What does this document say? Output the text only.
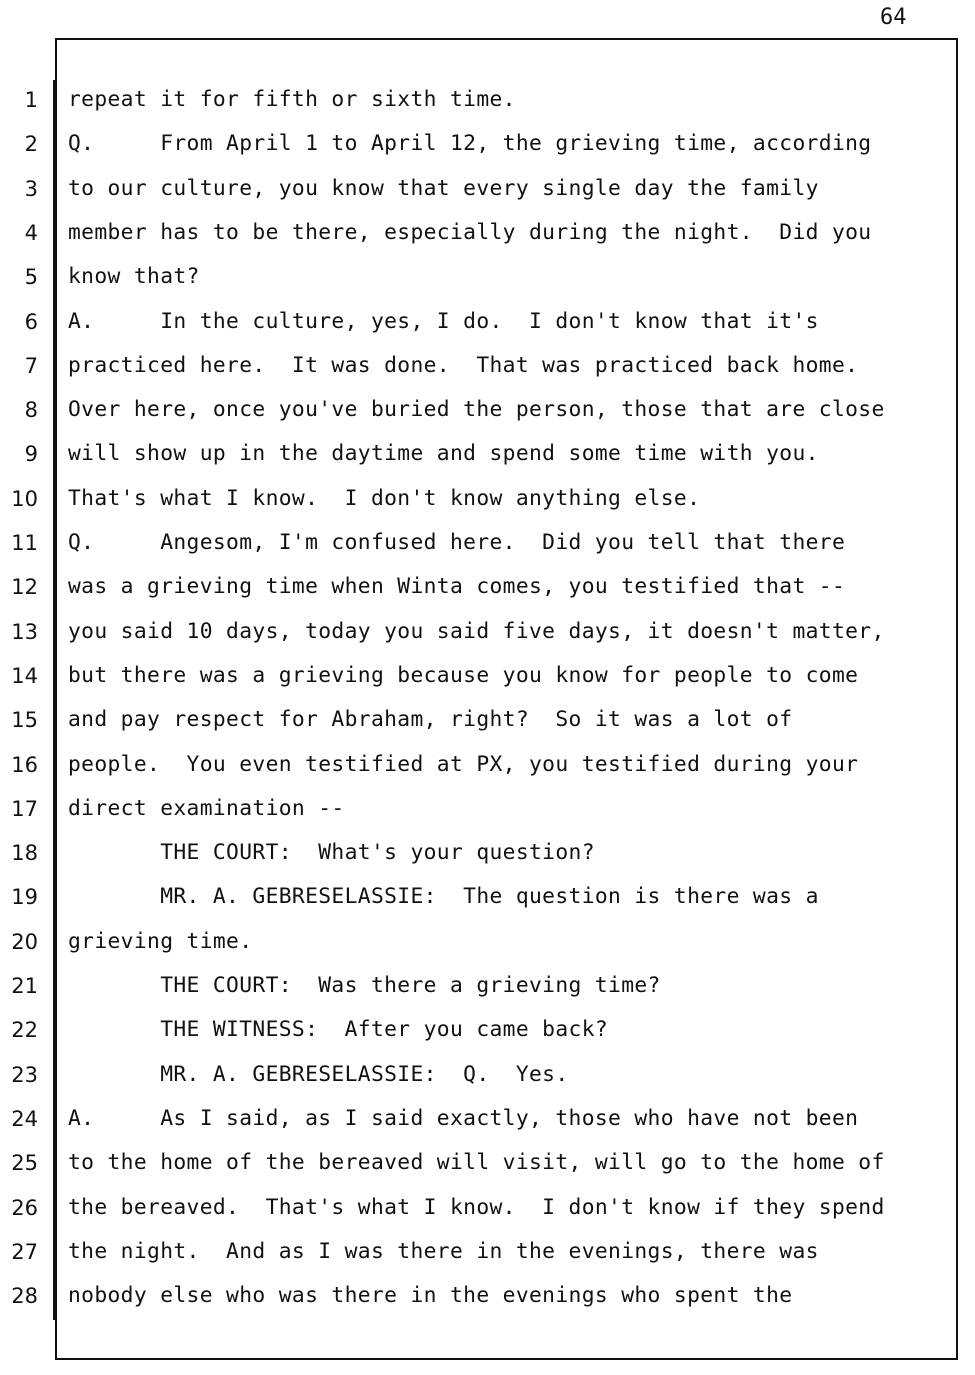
64
1 repeat it for fifth or sixth time.
2 Q.     From April 1 to April 12, the grieving time, according
3 to our culture, you know that every single day the family
4 member has to be there, especially during the night.  Did you
5 know that?
6 A.     In the culture, yes, I do.  I don't know that it's
7 practiced here.  It was done.  That was practiced back home.
8 Over here, once you've buried the person, those that are close
9 will show up in the daytime and spend some time with you.
10 That's what I know.  I don't know anything else.
11 Q.     Angesom, I'm confused here.  Did you tell that there
12 was a grieving time when Winta comes, you testified that --
13 you said 10 days, today you said five days, it doesn't matter,
14 but there was a grieving because you know for people to come
15 and pay respect for Abraham, right?  So it was a lot of
16 people.  You even testified at PX, you testified during your
17 direct examination --
18 THE COURT:  What's your question?
19 MR. A. GEBRESELASSIE:  The question is there was a
20 grieving time.
21 THE COURT:  Was there a grieving time?
22 THE WITNESS:  After you came back?
23 MR. A. GEBRESELASSIE:  Q.  Yes.
24 A.     As I said, as I said exactly, those who have not been
25 to the home of the bereaved will visit, will go to the home of
26 the bereaved.  That's what I know.  I don't know if they spend
27 the night.  And as I was there in the evenings, there was
28 nobody else who was there in the evenings who spent the
